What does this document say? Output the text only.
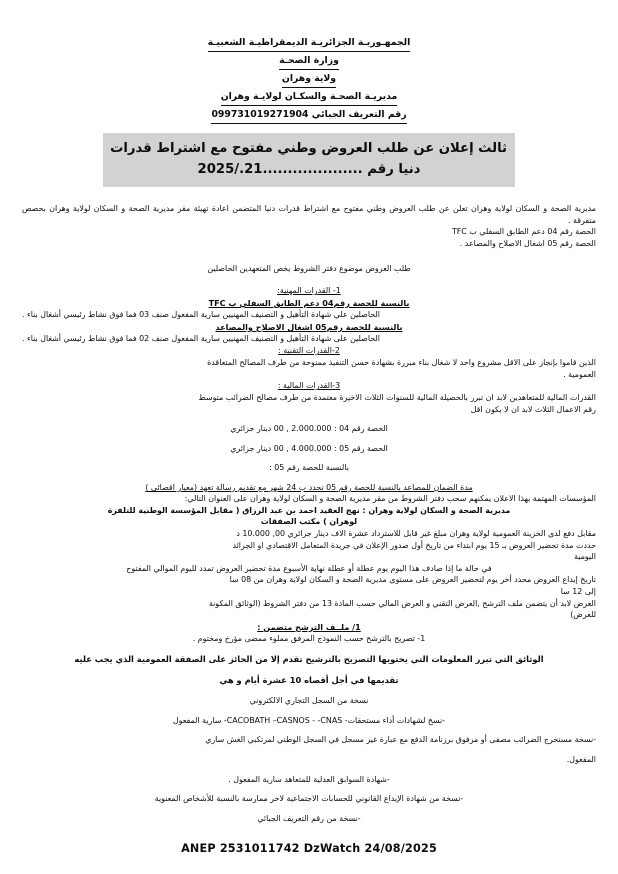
الجمهـوريـة الجزائريـة الديمقراطيـة الشعبيـة
وزارة الصحـة
ولاية وهران
مديريـة الصحـة والسكـان لولايـة وهران
رقم التعريف الجبائي 099731019271904
ثالث إعلان عن طلب العروض وطني مفتوح مع اشتراط قدرات
دنيا رقم ....................21./2025

مديرية الصحة و السكان لولاية وهران تعلن عن طلب العروض وطني مفتوح مع اشتراط قدرات دنيا المتضمن اعادة تهيئة مقر مديرية الصحة و السكان لولاية وهران بحصص متفرقة .

الحصة رقم 04 دعم الطابق السفلي ب TFC

الحصة رقم 05 اشغال الاصلاح والمصاعد .

طلب العروض موضوع دفتر الشروط يخص المتعهدين الحاصلين

1- القدرات المهنية:
بالنسبة للحصة رقم04 دعم الطابق السفلي ب TFC

الحاصلين علي شهادة التأهيل و التصنيف المهنيين سارية المفعول صنف 03 فما فوق نشاط رئيسي أشغال بناء .

بالنسبة للحصة رقم05 اشغال الاصلاح والمصاعد

الحاصلين على شهادة التأهيل و التصنيف المهنيين سارية المفعول صنف 02 فما فوق نشاط رئيسي أشغال بناء .

2-القدرات التقنية :

الذين قاموا بإنجاز على الاقل مشروع واحد لا شغال بناء مبررة بشهادة حسن التنفيذ ممنوحة من طرف المصالح المتعاقدة

العمومية .

3-القدرات المالية :

القدرات المالية للمتعاهدين لابد ان تبرر بالحصيلة المالية للسنوات الثلاث الاخيرة معتمدة من طرف مصالح الضرائب متوسط

رقم الاعمال الثلاث لابد ان لا يكون اقل

الحصة رقم 04 : 2.000.000 , 00 دينار جزائري

الحصة رقم 05 : 4.000.000 , 00 دينار جزائري

بالنسبة للحصة رقم 05 :

مدة الضمان للمصاعد بالنسبة للحصة رقم 05 تحدد ب 24 شهر مع تقديم رسالة تعهد (معيار اقصائي )

المؤسسات المهتمة بهذا الاعلان يمكنهم سحب دفتر الشروط من مقر مديرية الصحة و السكان لولاية وهران على العنوان التالي:

مديرية الصحة و السكان لولاية وهران : نهج العقيد احمد بن عبد الرزاق ( مقابل المؤسسة الوطنية للتلفزة

لوهران ) مكتب الصفقات

مقابل دفع لدى الخزينة العمومية لولاية وهران مبلغ غير قابل للاسترداد عشرة الاف دينار جزائري 00, 10.000 د

حددت مدة تحضير العروض بـ 15 يوم ابتداء من تاريخ أول صدور الإعلان في جريدة المتعامل الاقتصادي او الجرائد

اليومية

في حالة ما إذا صادف هذا اليوم يوم عطلة أو عطلة نهاية الأسبوع مدة تحضير العروض تمدد لليوم الموالي المفتوح

تاريخ إيداع العروض محدد أخر يوم لتحضير العروض على مستوى مديرية الصحة و السكان لولاية وهران من 08 سا

إلى 12 سا

العرض لابد أن يتضمن ملف الترشح ,العرض التقني و العرض المالي حسب المادة 13 من دفتر الشروط (الوثائق المكونة

للعرض)

1/ ملــف الترشح متضمن :

1- تصريح بالترشح حسب النموذج المرفق مملوء ممضى مؤرخ ومختوم .

الوثائق التي تبرر المعلومات التي يحتويها التصريح بالترشيح تقدم إلا من الحائز على الصفقة العمومية الذي يجب عليه

تقديمها في أجل أقصاه 10 عشرة أيام و هي

نسخة من السجل التجاري الالكتروني

-نسخ لشهادات أداء مستحقات- CACOBATH –CASNOS - -CNAS- سارية المفعول

-نسخة مستخرج الضرائب مصفى أو مرفوق برزنامة الدفع مع عبارة غير مسجل في السجل الوطني لمرتكبي الغش ساري

المفعول.

-شهادة السوابق العدلية للمتعاهد سارية المفعول .

-نسخة من شهادة الإيداع القانوني للحسابات الاجتماعية لاخر ممارسة بالنسبة للأشخاص المعنوية

-نسخة من رقم التعريف الجبائي

ANEP 2531011742 DzWatch 24/08/2025
